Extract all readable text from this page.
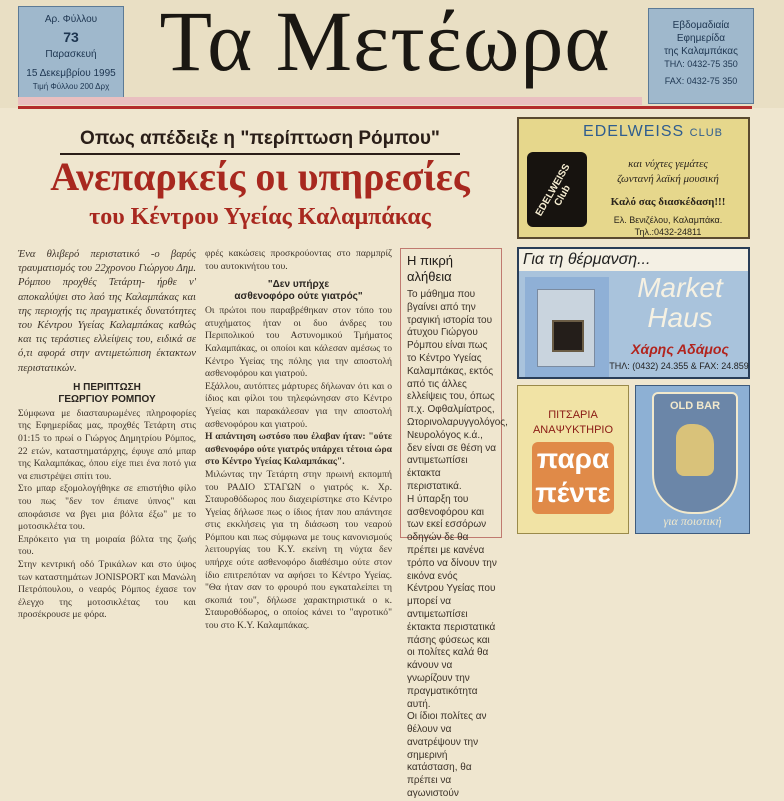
Αρ. Φύλλου
73
Παρασκευή
15 Δεκεμβρίου 1995
Τιμή Φύλλου 200 Δρχ Τα Μετέωρα	Εβδομαδιαία
Εφημερίδα
της Καλαμπάκας
ΤΗΛ: 0432-75 350
FAX: 0432-75 350
Οπως απέδειξε η "περίπτωση Ρόμπου"
Ανεπαρκείς οι υπηρεσίες
του Κέντρου Υγείας Καλαμπάκας
Ένα θλιβερό περιστατικό -ο βαρύς τραυματισμός του 22χρονου Γιώργου Δημ. Ρόμπου προχθές Τετάρτη- ήρθε ν' αποκαλύψει στο λαό της Καλαμπάκας και της περιοχής τις πραγματικές δυνατότητες του Κέντρου Υγείας Καλαμπάκας καθώς και τις τεράστιες ελλείψεις του, ειδικά σε ό,τι αφορά στην αντιμετώπιση έκτακτων περιστατικών.
Η ΠΕΡΙΠΤΩΣΗ
ΓΕΩΡΓΙΟΥ ΡΟΜΠΟΥ
Σύμφωνα με διασταυρωμένες πληροφορίες της Εφημερίδας μας, προχθές Τετάρτη στις 01:15 το πρωί ο Γιώργος Δημητρίου Ρόμπος, 22 ετών, καταστηματάρχης, έφυγε από μπαρ της Καλαμπάκας, όπου είχε πιει ένα ποτό για να επιστρέψει σπίτι του.
Στο μπαρ εξομολογήθηκε σε επιστήθιο φίλο του πως "δεν τον έπιανε ύπνος" και αποφάσισε να βγει μια βόλτα έξω" με το μοτοσικλέτα του.
Επρόκειτο για τη μοιραία βόλτα της ζωής του.
Στην κεντρική οδό Τρικάλων και στο ύψος των καταστημάτων JONISPORT και Μανώλη Πετρόπουλου, ο νεαρός Ρόμπος έχασε τον έλεγχο της μοτοσικλέτας του και προσέκρουσε με φόρα.
φρές κακώσεις προσκρούοντας στο παρμπρίζ του αυτοκινήτου του.
"Δεν υπήρχε
ασθενοφόρο ούτε γιατρός"
Οι πρώτοι που παραβρέθηκαν στον τόπο του ατυχήματος ήταν οι δυο άνδρες του Περιπολικού του Αστυνομικού Τμήματος Καλαμπάκας, οι οποίοι και κάλεσαν αμέσως το Κέντρο Υγείας της πόλης για την αποστολή ασθενοφόρου και γιατρού.
Εξάλλου, αυτόπτες μάρτυρες δήλωναν ότι και ο ίδιος και φίλοι του τηλεφώνησαν στο Κέντρο Υγείας και παρακάλεσαν για την αποστολή ασθενοφόρου και γιατρού.
Η απάντηση ωστόσο που έλαβαν ήταν: "ούτε ασθενοφόρο ούτε γιατρός υπάρχει τέτοια ώρα στο Κέντρο Υγείας Καλαμπάκας".
Μιλώντας την Τετάρτη στην πρωινή εκπομπή του ΡΑΔΙΟ ΣΤΑΓΩΝ ο γιατρός κ. Χρ. Σταυροθόδωρος που διαχειρίστηκε στο Κέντρο Υγείας δήλωσε πως ο ίδιος ήταν που απάντησε στις εκκλήσεις για τη διάσωση του νεαρού Ρόμπου και πως σύμφωνα με τους κανονισμούς λειτουργίας του Κ.Υ. εκείνη τη νύχτα δεν υπήρχε ούτε ασθενοφόρο διαθέσιμο ούτε στον ίδιο επιτρεπόταν να αφήσει το Κέντρο Υγείας. "Θα ήταν σαν το φρουρό που εγκαταλείπει τη σκοπιά του", δήλωσε χαρακτηριστικά ο κ. Σταυροθόδωρος, ο οποίος κάνει το "αγροτικό" του στο Κ.Υ. Καλαμπάκας.
Η πικρή αλήθεια
Το μάθημα που βγαίνει από την τραγική ιστορία του άτυχου Γιώργου Ρόμπου είναι πως το Κέντρο Υγείας Καλαμπάκας, εκτός από τις άλλες ελλείψεις του, όπως π.χ. Οφθαλμίατρος, Ωτορινολαρυγγολόγος, Νευρολόγος κ.ά., δεν είναι σε θέση να αντιμετωπίσει έκτακτα περιστατικά.
Η ύπαρξη του ασθενοφόρου και των εκεί εσσόρων οδηγών δε θα πρέπει με κανένα τρόπο να δίνουν την εικόνα ενός Κέντρου Υγείας που μπορεί να αντιμετωπίσει έκτακτα περιστατικά πάσης φύσεως και οι πολίτες καλά θα κάνουν να γνωρίζουν την πραγματικότητα αυτή.
Οι ίδιοι πολίτες αν θέλουν να ανατρέψουν την σημερινή κατάσταση, θα πρέπει να αγωνιστούν
EDELWEISS CLUB
EDELWEISS Club
και νύχτες γεμάτες
ζωντανή λαϊκή μουσική
Καλό σας διασκέδαση!!!
Ελ. Βενιζέλου, Καλαμπάκα.
Τηλ.:0432-24811
Για τη θέρμανση...
Market
Haus
Χάρης Αδάμος
ΤΗΛ: (0432) 24.355 & FAX: 24.859
ΠΙΤΣΑΡΙΑ
ΑΝΑΨΥΚΤΗΡΙΟ
παρα
πέντε
OLD BAR
για ποιοτική
